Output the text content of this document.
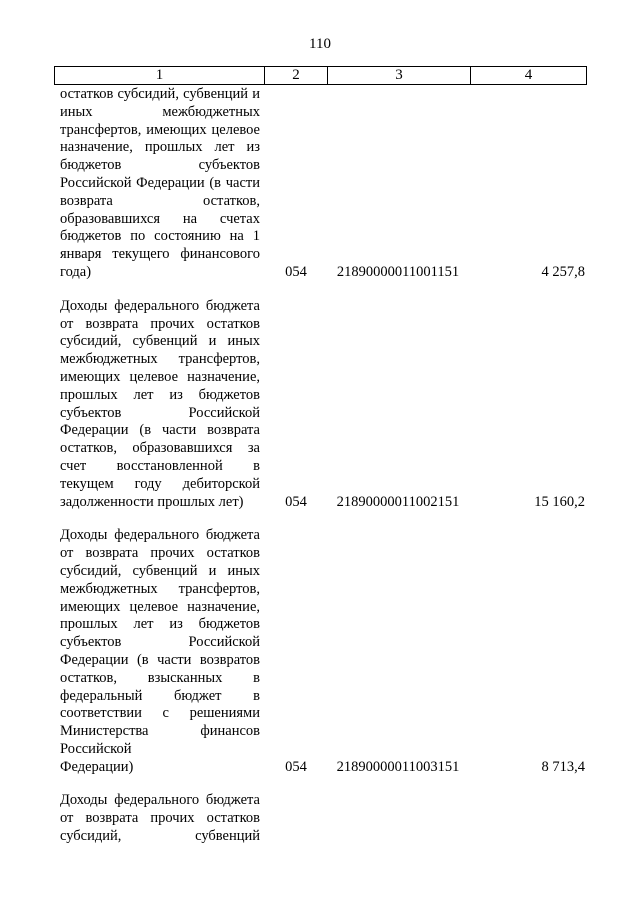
110
1	2	3	4
остатков субсидий, субвенций и иных межбюджетных трансфертов, имеющих целевое назначение, прошлых лет из бюджетов субъектов Российской Федерации (в части возврата остатков, образовавшихся на счетах бюджетов по состоянию на 1 января текущего финансового
года)	054	21890000011001151	4 257,8
Доходы федерального бюджета от возврата прочих остатков субсидий, субвенций и иных межбюджетных трансфертов, имеющих целевое назначение, прошлых лет из бюджетов субъектов Российской Федерации (в части возврата остатков, образовавшихся за счет восстановленной в текущем году дебиторской
задолженности прошлых лет)	054	21890000011002151	15 160,2
Доходы федерального бюджета от возврата прочих остатков субсидий, субвенций и иных межбюджетных трансфертов, имеющих целевое назначение, прошлых лет из бюджетов субъектов Российской Федерации (в части возвратов остатков, взысканных в федеральный бюджет в соответствии с решениями Министерства финансов Российской
Федерации)	054	21890000011003151	8 713,4
Доходы федерального бюджета от возврата прочих остатков субсидий, субвенций
